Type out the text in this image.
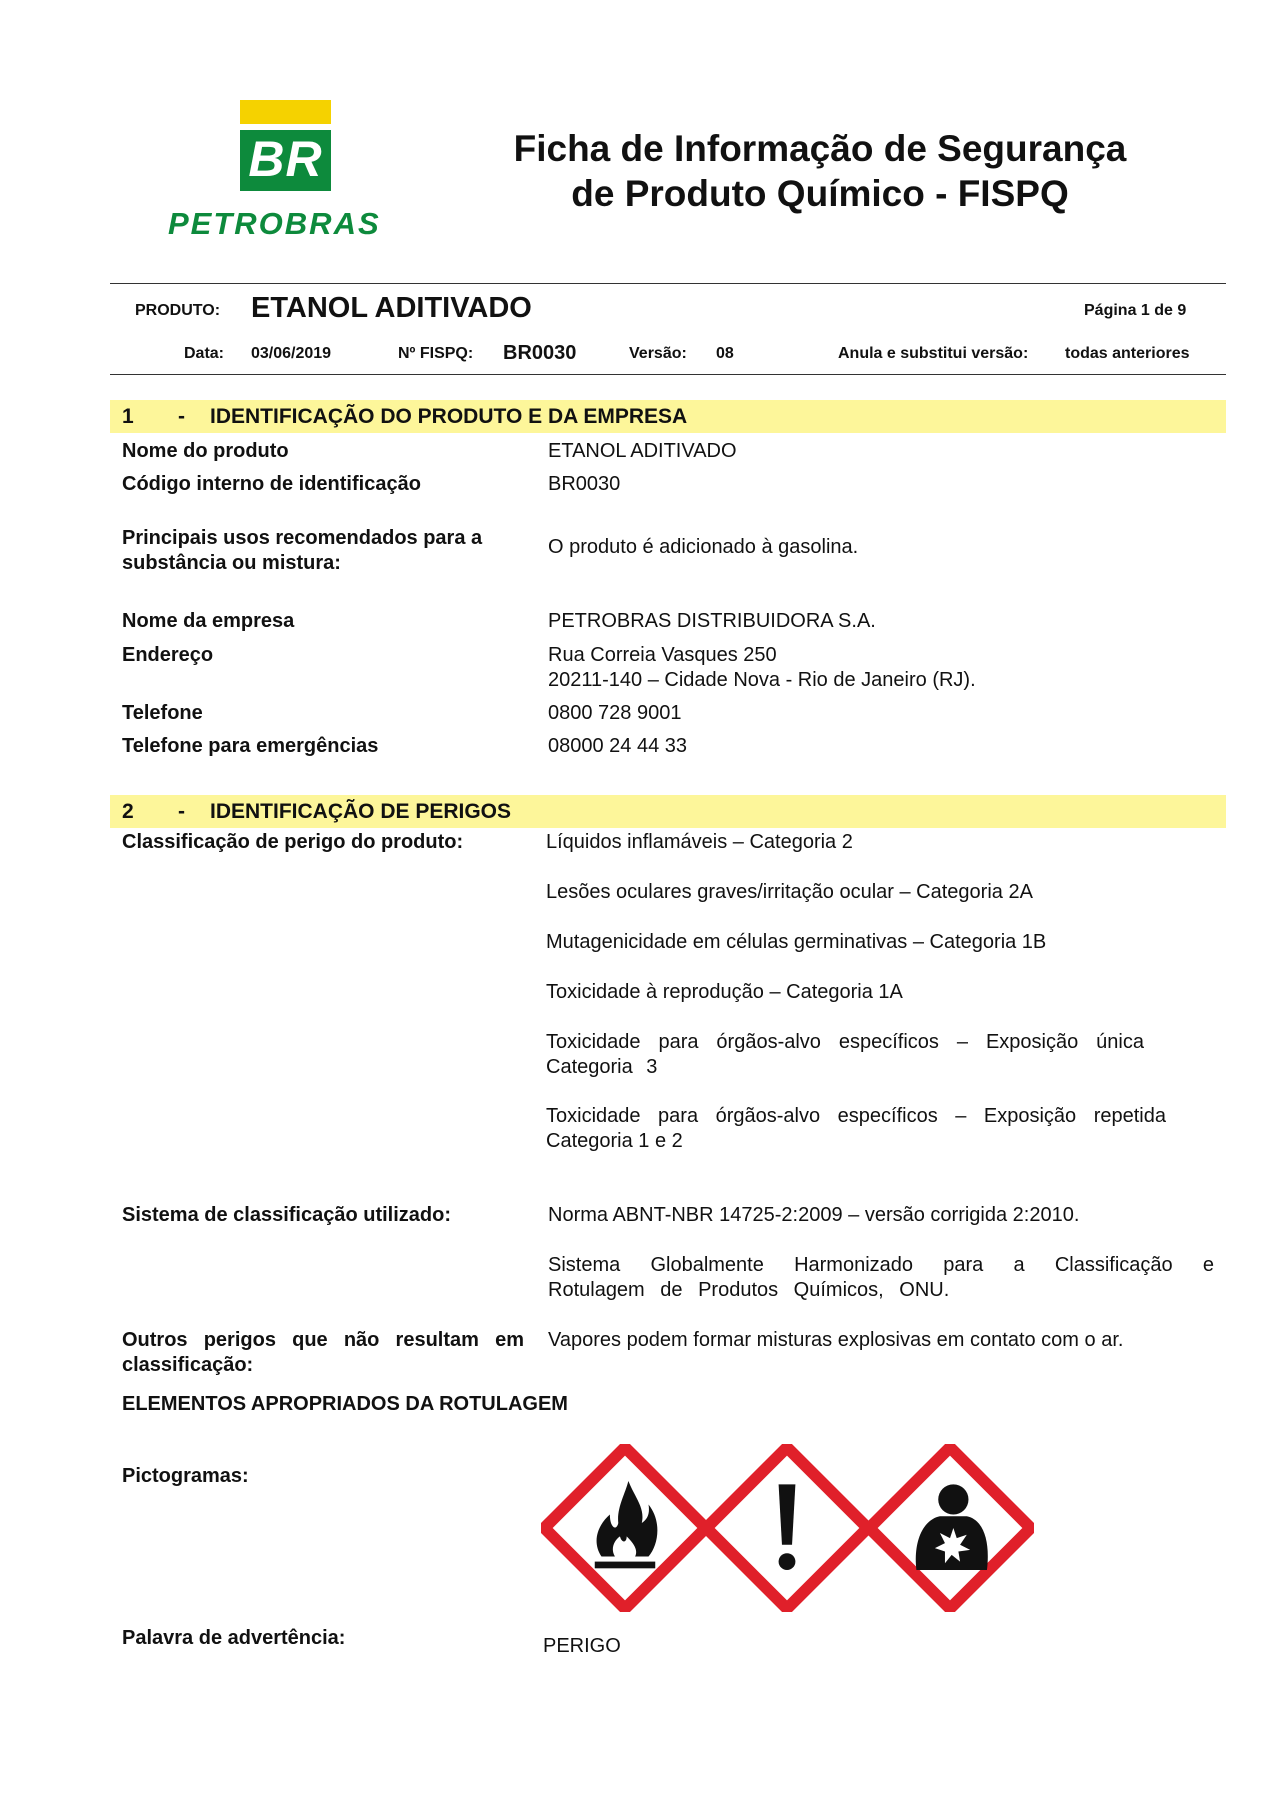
BR
PETROBRAS
Ficha de Informação de Segurança
de Produto Químico - FISPQ
PRODUTO: ETANOL ADITIVADO	Página 1 de 9
Data: 03/06/2019	Nº FISPQ: BR0030	Versão: 08	Anula e substitui versão: todas anteriores
1 - IDENTIFICAÇÃO DO PRODUTO E DA EMPRESA
Nome do produto	ETANOL ADITIVADO
Código interno de identificação	BR0030
Principais usos recomendados para a substância ou mistura:
O produto é adicionado à gasolina.
Nome da empresa	PETROBRAS DISTRIBUIDORA S.A.
Endereço	Rua Correia Vasques 250
20211-140 – Cidade Nova - Rio de Janeiro (RJ).
Telefone	0800 728 9001
Telefone para emergências	08000 24 44 33
2 - IDENTIFICAÇÃO DE PERIGOS
Classificação de perigo do produto:	Líquidos inflamáveis – Categoria 2
Lesões oculares graves/irritação ocular – Categoria 2A
Mutagenicidade em células germinativas – Categoria 1B
Toxicidade à reprodução – Categoria 1A
Toxicidade para órgãos-alvo específicos – Exposição única Categoria 3
Toxicidade para órgãos-alvo específicos – Exposição repetida Categoria 1 e 2
Sistema de classificação utilizado:	Norma ABNT-NBR 14725-2:2009 – versão corrigida 2:2010.
Sistema Globalmente Harmonizado para a Classificação e Rotulagem de Produtos Químicos, ONU.
Outros perigos que não resultam em classificação:
Vapores podem formar misturas explosivas em contato com o ar.
ELEMENTOS APROPRIADOS DA ROTULAGEM
Pictogramas:
Palavra de advertência:	PERIGO
